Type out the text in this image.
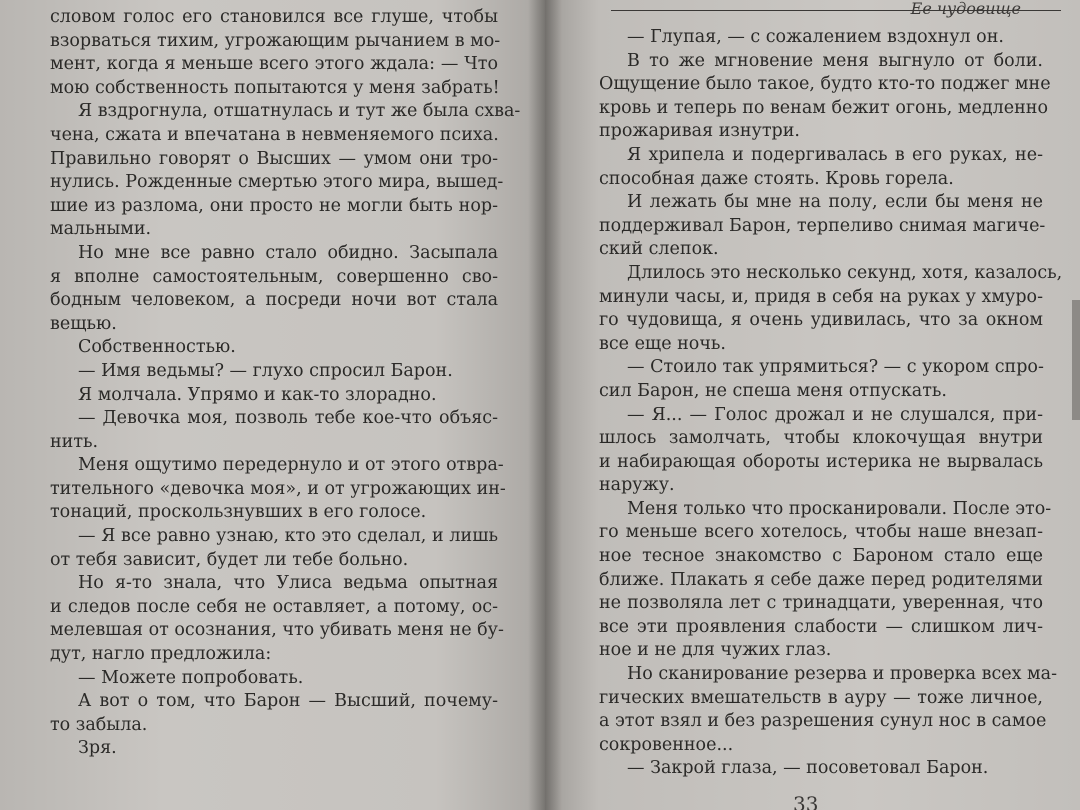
словом голос его становился все глуше, чтобы
взорваться тихим, угрожающим рычанием в мо-
мент, когда я меньше всего этого ждала: — Что
мою собственность попытаются у меня забрать!
Я вздрогнула, отшатнулась и тут же была схва-
чена, сжата и впечатана в невменяемого психа.
Правильно говорят о Высших — умом они тро-
нулись. Рожденные смертью этого мира, вышед-
шие из разлома, они просто не могли быть нор-
мальными.
Но мне все равно стало обидно. Засыпала
я вполне самостоятельным, совершенно сво-
бодным человеком, а посреди ночи вот стала
вещью.
Собственностью.
— Имя ведьмы? — глухо спросил Барон.
Я молчала. Упрямо и как-то злорадно.
— Девочка моя, позволь тебе кое-что объяс-
нить.
Меня ощутимо передернуло и от этого отвра-
тительного «девочка моя», и от угрожающих ин-
тонаций, проскользнувших в его голосе.
— Я все равно узнаю, кто это сделал, и лишь
от тебя зависит, будет ли тебе больно.
Но я-то знала, что Улиса ведьма опытная
и следов после себя не оставляет, а потому, ос-
мелевшая от осознания, что убивать меня не бу-
дут, нагло предложила:
— Можете попробовать.
А вот о том, что Барон — Высший, почему-
то забыла.
Зря.
Ее чудовище
— Глупая, — с сожалением вздохнул он.
В то же мгновение меня выгнуло от боли.
Ощущение было такое, будто кто-то поджег мне
кровь и теперь по венам бежит огонь, медленно
прожаривая изнутри.
Я хрипела и подергивалась в его руках, не-
способная даже стоять. Кровь горела.
И лежать бы мне на полу, если бы меня не
поддерживал Барон, терпеливо снимая магиче-
ский слепок.
Длилось это несколько секунд, хотя, казалось,
минули часы, и, придя в себя на руках у хмуро-
го чудовища, я очень удивилась, что за окном
все еще ночь.
— Стоило так упрямиться? — с укором спро-
сил Барон, не спеша меня отпускать.
— Я... — Голос дрожал и не слушался, при-
шлось замолчать, чтобы клокочущая внутри
и набирающая обороты истерика не вырвалась
наружу.
Меня только что просканировали. После это-
го меньше всего хотелось, чтобы наше внезап-
ное тесное знакомство с Бароном стало еще
ближе. Плакать я себе даже перед родителями
не позволяла лет с тринадцати, уверенная, что
все эти проявления слабости — слишком лич-
ное и не для чужих глаз.
Но сканирование резерва и проверка всех ма-
гических вмешательств в ауру — тоже личное,
а этот взял и без разрешения сунул нос в самое
сокровенное...
— Закрой глаза, — посоветовал Барон.
33
